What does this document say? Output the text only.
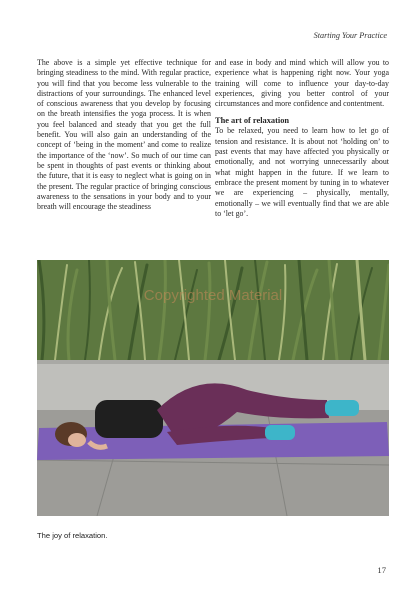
Starting Your Practice

The above is a simple yet effective technique for bringing steadiness to the mind. With regular practice, you will find that you become less vulnerable to the distractions of your surroundings. The enhanced level of conscious awareness that you develop by focusing on the breath intensifies the yoga process. It is when you feel balanced and steady that you get the full benefit. You will also gain an understanding of the concept of ‘being in the moment’ and come to realize the importance of the ‘now’. So much of our time can be spent in thoughts of past events or thinking about the future, that it is easy to neglect what is going on in the present. The regular practice of bringing conscious awareness to the sensations in your body and to your breath will encourage the steadiness

and ease in body and mind which will allow you to experience what is happening right now. Your yoga training will come to influence your day-to-day experiences, giving you better control of your circumstances and more confidence and contentment.

The art of relaxation

To be relaxed, you need to learn how to let go of tension and resistance. It is about not ‘holding on’ to past events that may have affected you physically or emotionally, and not worrying unnecessarily about what might happen in the future. If we learn to embrace the present moment by tuning in to whatever we are experiencing – physically, mentally, emotionally – we will eventually find that we are able to ‘let go’.

Copyrighted Material
The joy of relaxation.
17
